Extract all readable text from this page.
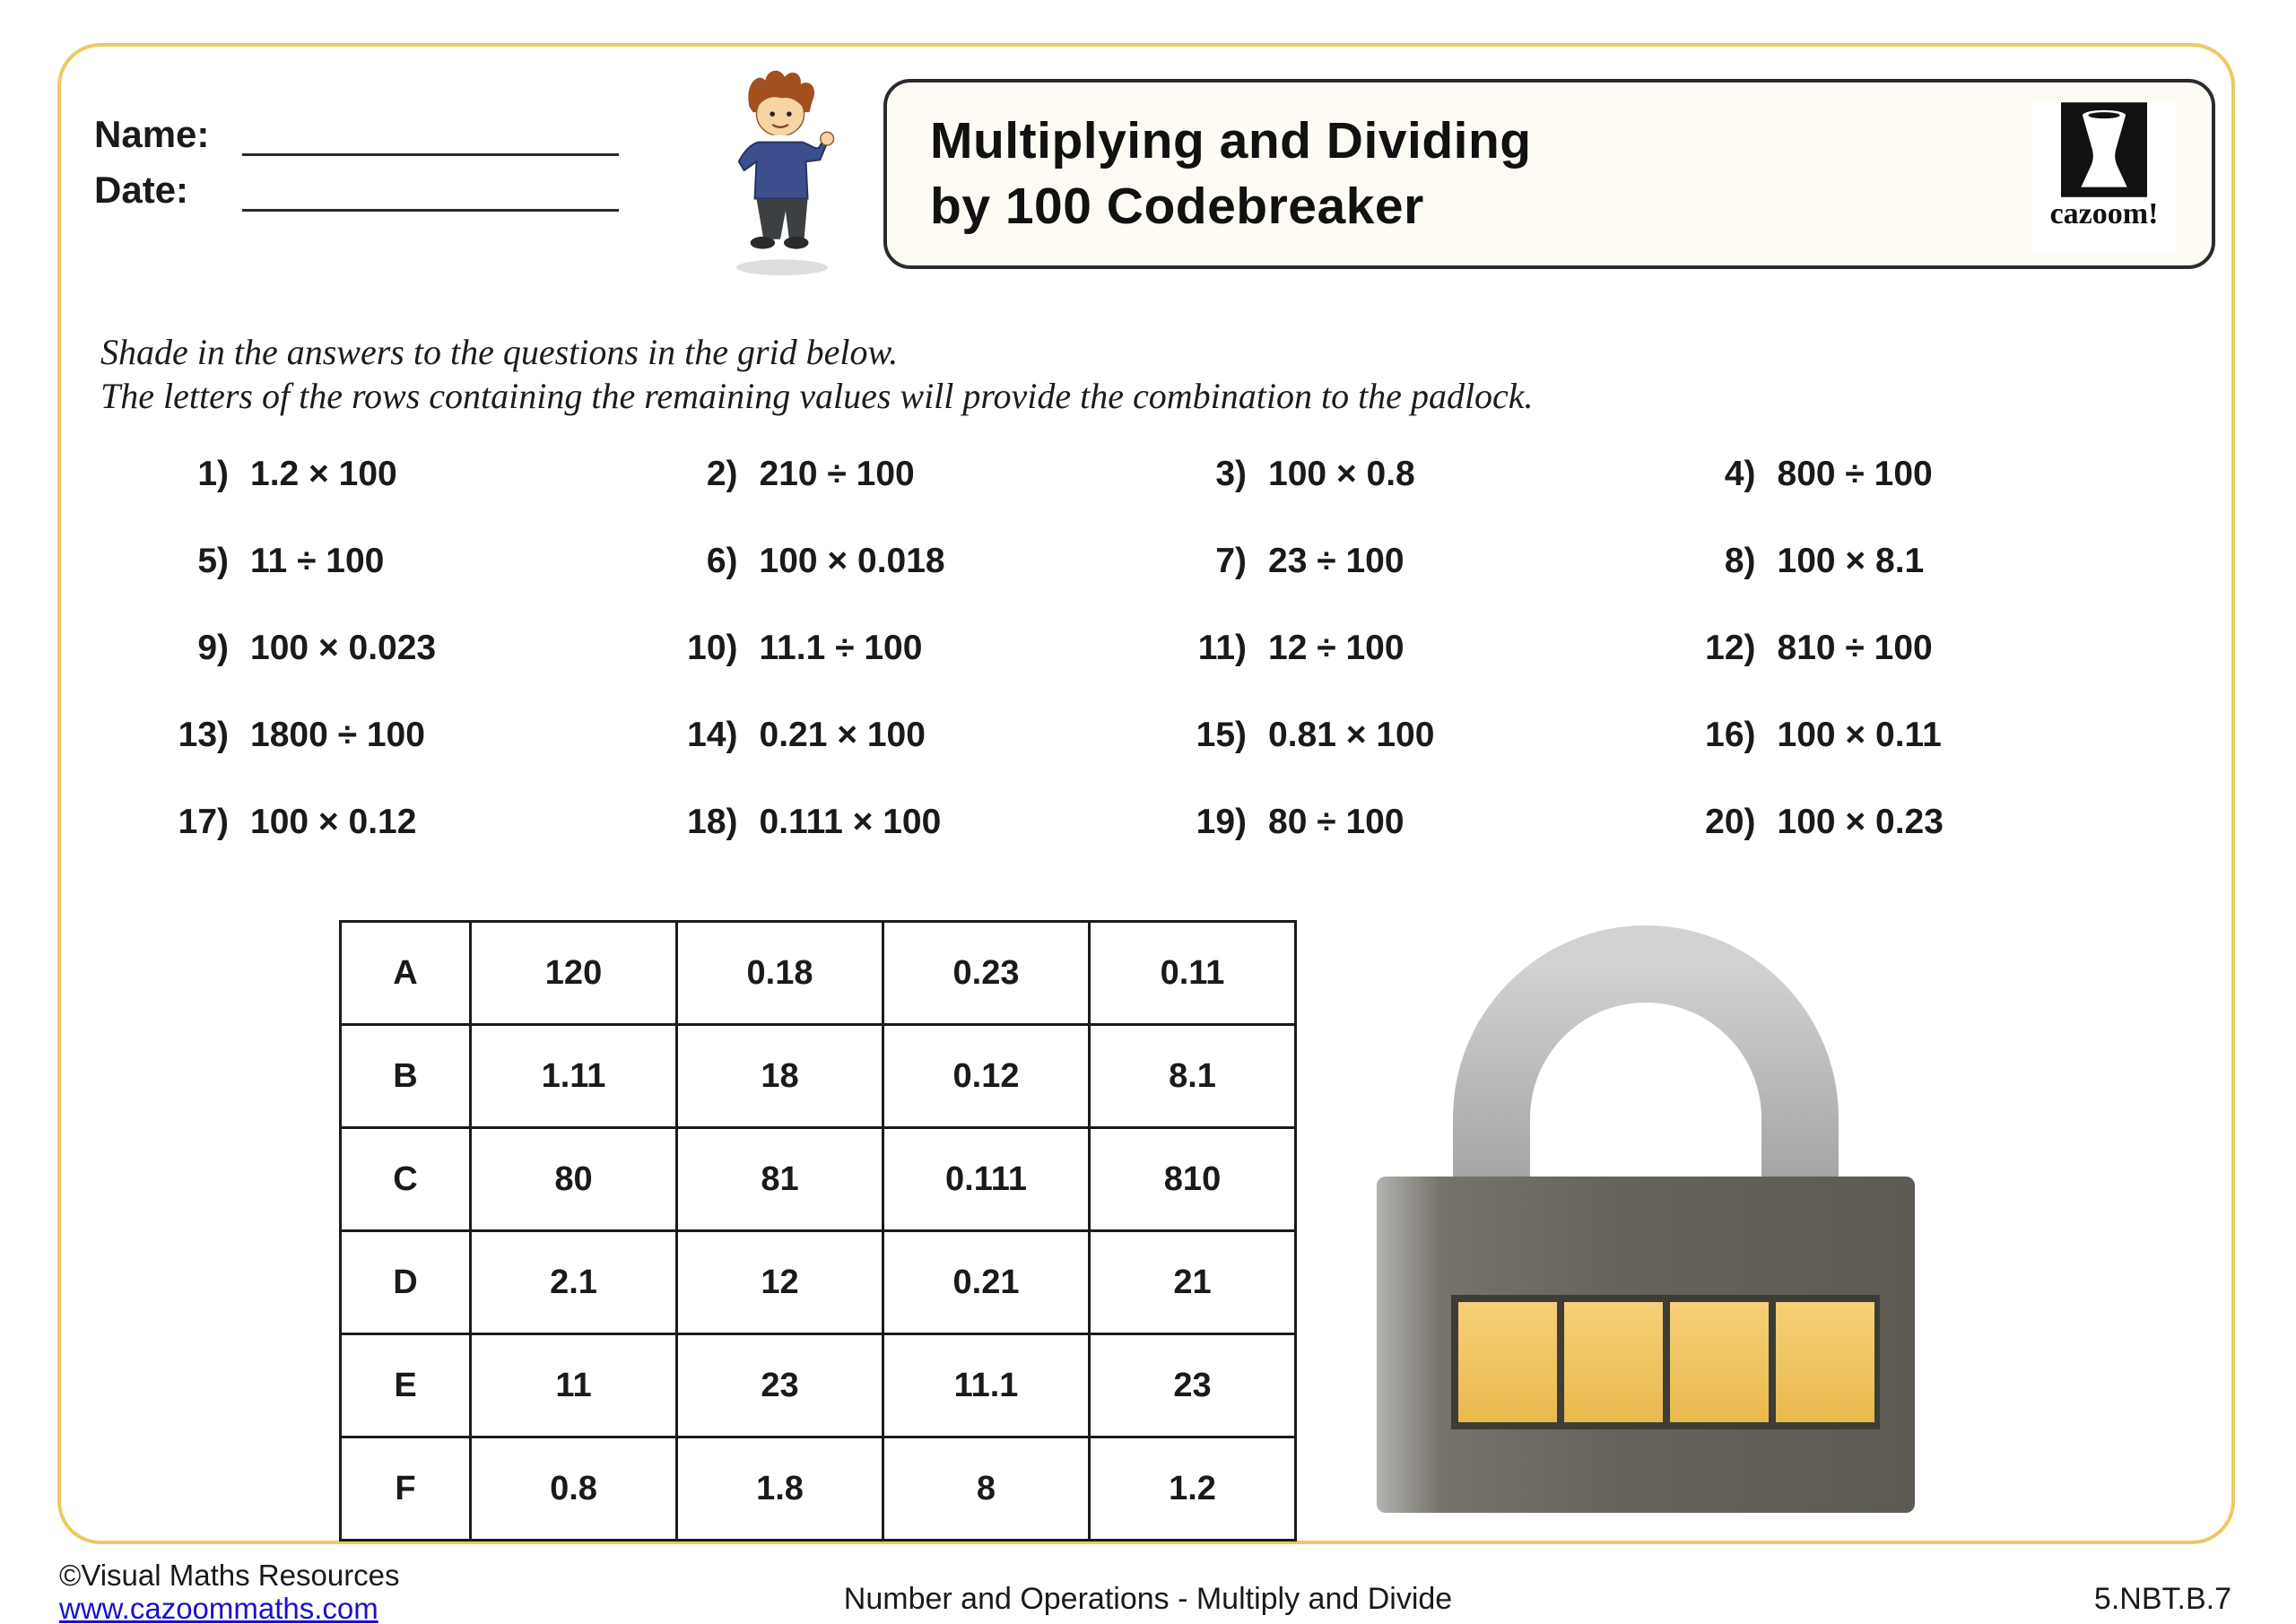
Name:
Date:
Multiplying and Dividing
by 100 Codebreaker	cazoom!
Shade in the answers to the questions in the grid below.
The letters of the rows containing the remaining values will provide the combination to the padlock.
1) 1.2 × 100	2) 210 ÷ 100	3) 100 × 0.8	4) 800 ÷ 100
5) 11 ÷ 100	6) 100 × 0.018	7) 23 ÷ 100	8) 100 × 8.1
9) 100 × 0.023	10) 11.1 ÷ 100	11) 12 ÷ 100	12) 810 ÷ 100
13) 1800 ÷ 100	14) 0.21 × 100	15) 0.81 × 100	16) 100 × 0.11
17) 100 × 0.12	18) 0.111 × 100	19) 80 ÷ 100	20) 100 × 0.23
A	120	0.18	0.23	0.11
B	1.11	18	0.12	8.1
C	80	81	0.111	810
D	2.1	12	0.21	21
E	11	23	11.1	23
F	0.8	1.8	8	1.2
©Visual Maths Resources
www.cazoommaths.com	Number and Operations - Multiply and Divide	5.NBT.B.7
